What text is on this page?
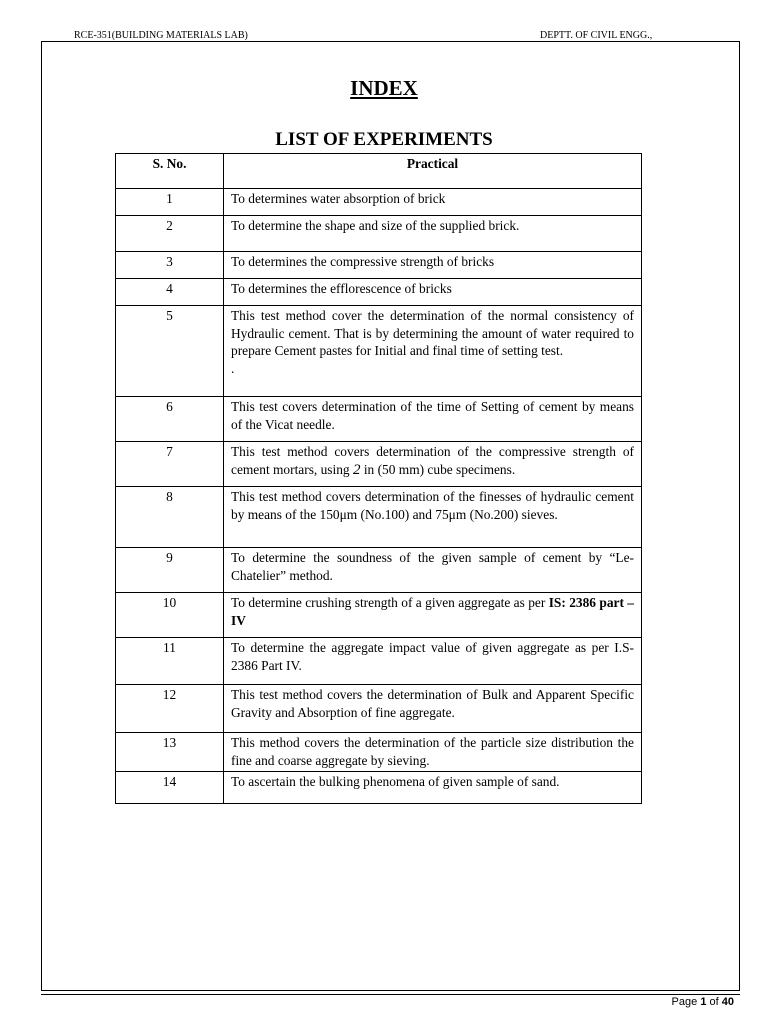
RCE-351(BUILDING MATERIALS LAB)	DEPTT. OF CIVIL ENGG.,
INDEX
LIST OF EXPERIMENTS
S. No.	Practical
1	To determines water absorption of brick
2	To determine the shape and size of the supplied brick.
3	To determines the compressive strength of bricks
4	To determines the efflorescence of bricks
5	This test method cover the determination of the normal consistency of Hydraulic cement. That is by determining the amount of water required to prepare Cement pastes for Initial and final time of setting test.
.
6	This test covers determination of the time of Setting of cement by means of the Vicat needle.
7	This test method covers determination of the compressive strength of cement mortars, using 2 in (50 mm) cube specimens.
8	This test method covers determination of the finesses of hydraulic cement by means of the 150μm (No.100) and 75μm (No.200) sieves.
9	To determine the soundness of the given sample of cement by “Le-Chatelier” method.
10	To determine crushing strength of a given aggregate as per IS: 2386 part – IV
11	To determine the aggregate impact value of given aggregate as per I.S-2386 Part IV.
12	This test method covers the determination of Bulk and Apparent Specific Gravity and Absorption of fine aggregate.
13	This method covers the determination of the particle size distribution the fine and coarse aggregate by sieving.
14	To ascertain the bulking phenomena of given sample of sand.
Page 1 of 40
